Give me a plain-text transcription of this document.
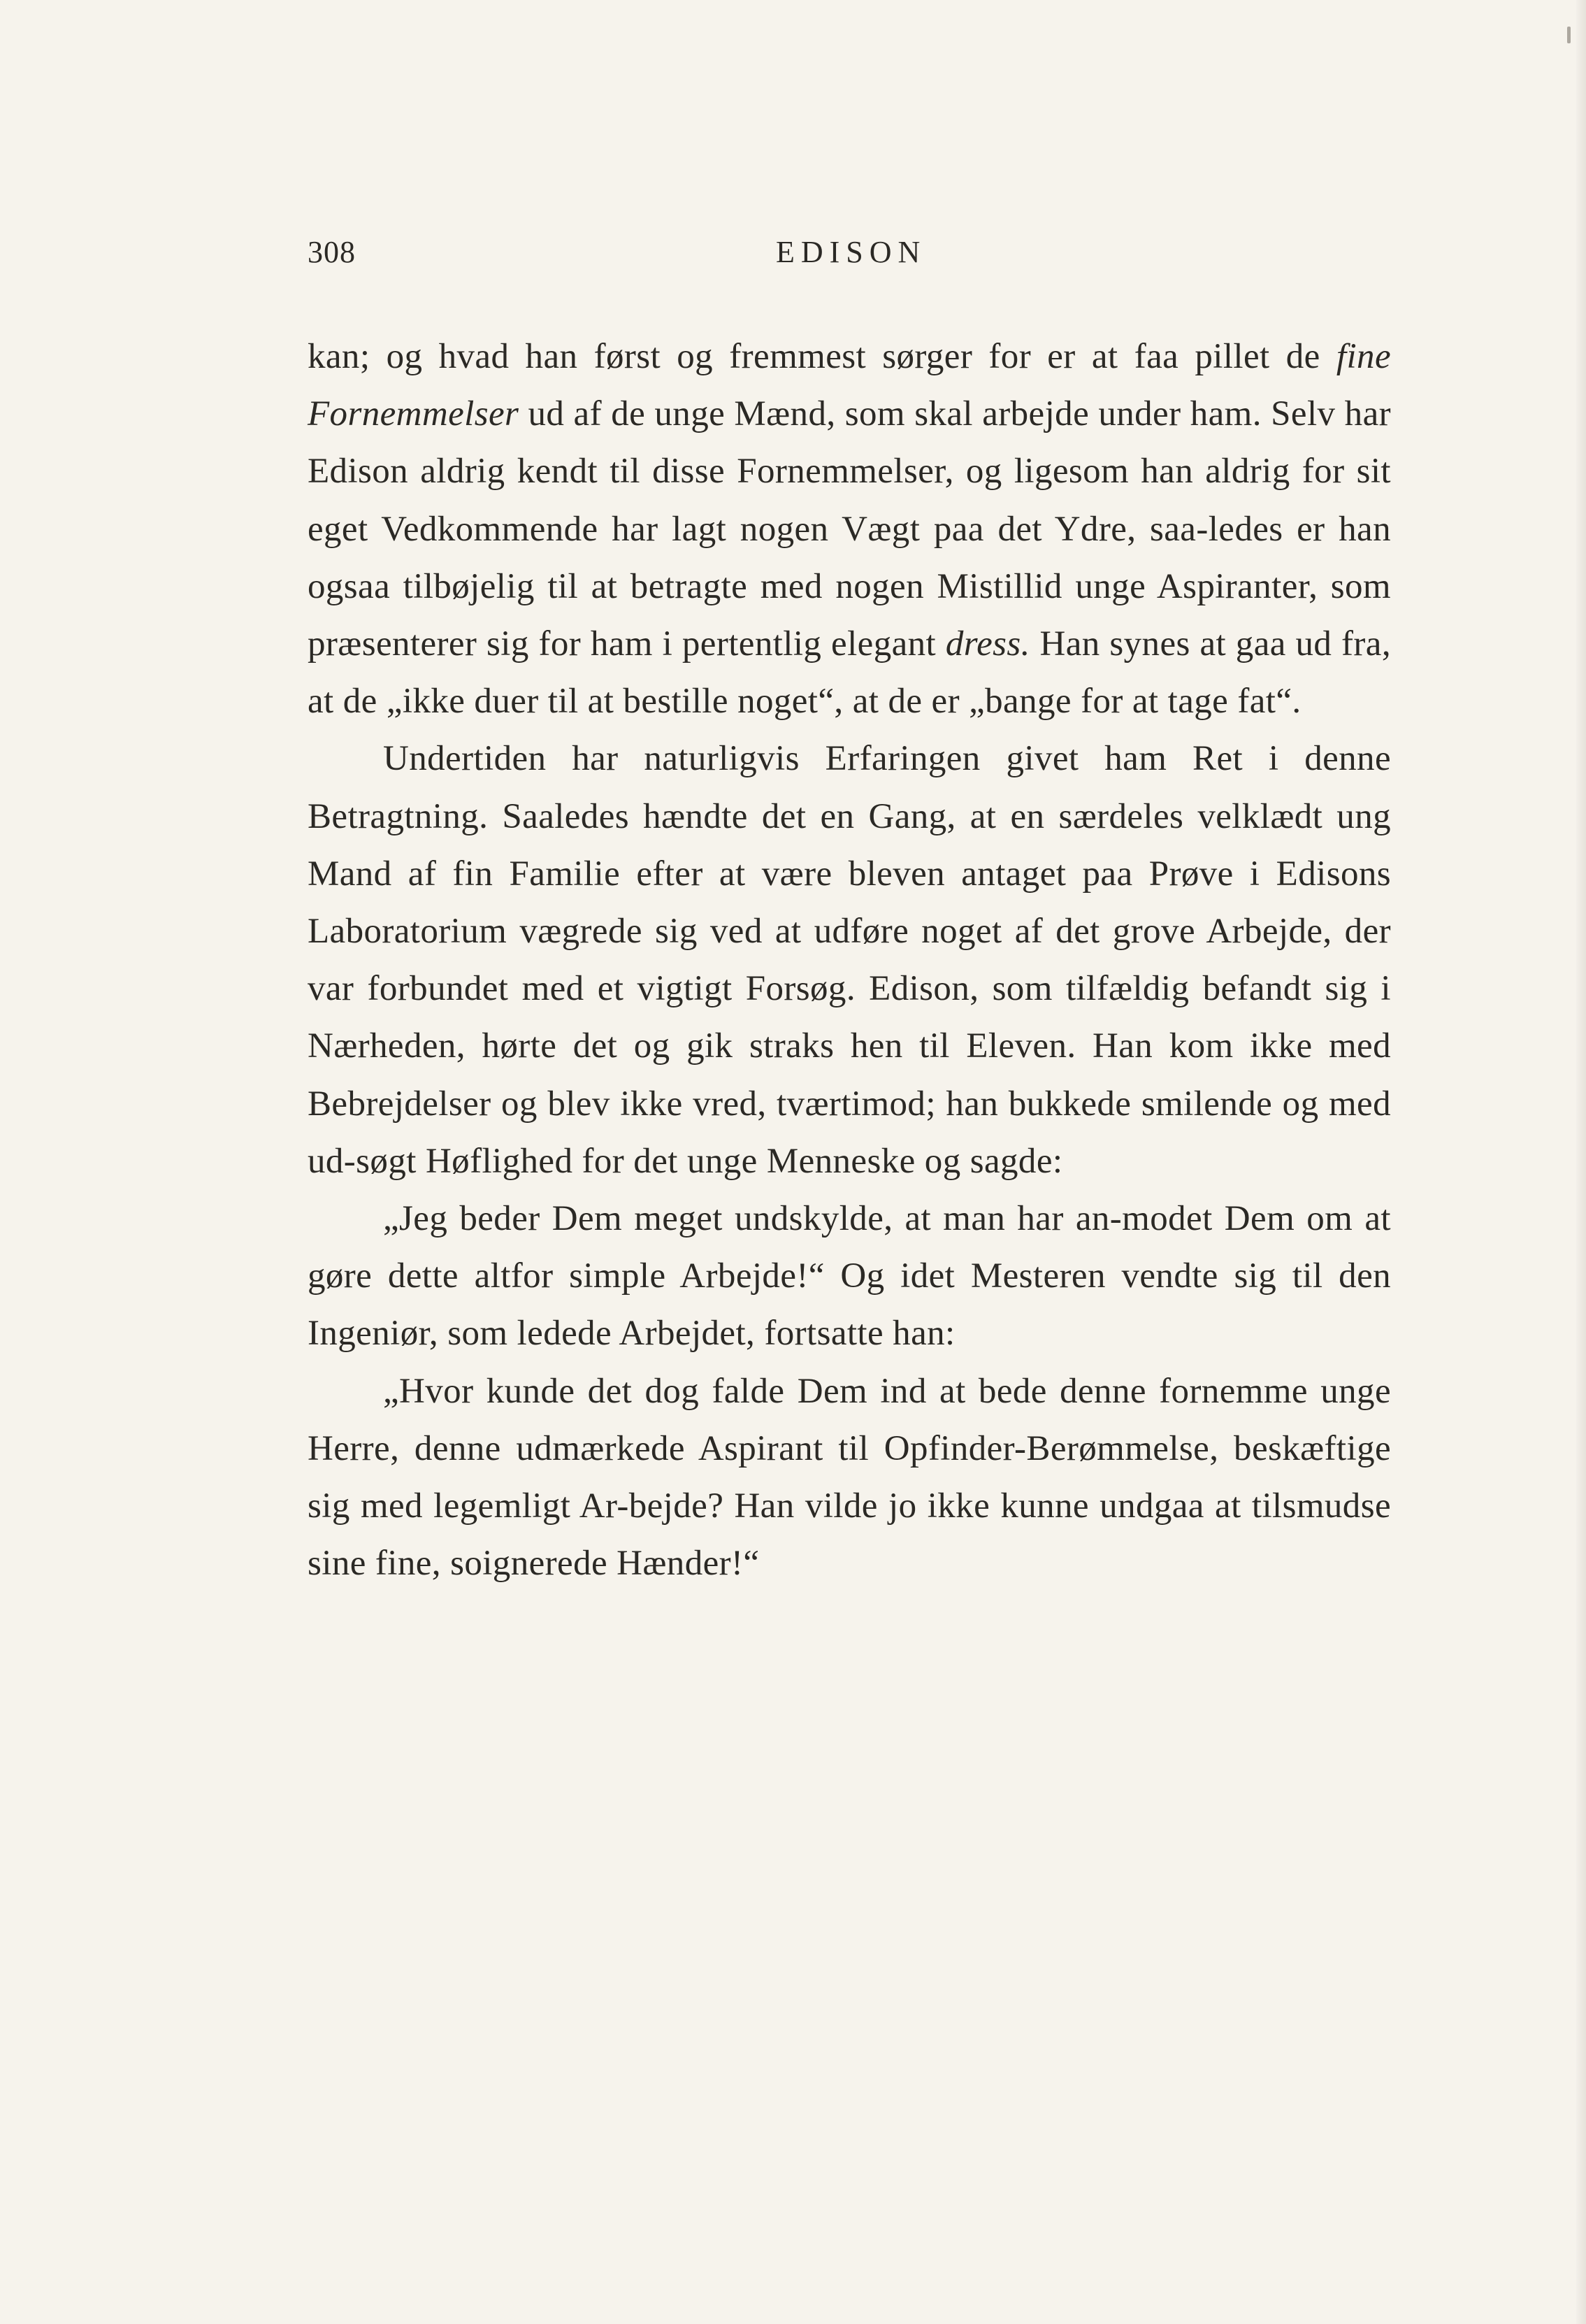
308	EDISON

kan; og hvad han først og fremmest sørger for er at faa pillet de fine Fornemmelser ud af de unge Mænd, som skal arbejde under ham. Selv har Edison aldrig kendt til disse Fornemmelser, og ligesom han aldrig for sit eget Vedkommende har lagt nogen Vægt paa det Ydre, saa-ledes er han ogsaa tilbøjelig til at betragte med nogen Mistillid unge Aspiranter, som præsenterer sig for ham i pertentlig elegant dress. Han synes at gaa ud fra, at de „ikke duer til at bestille noget“, at de er „bange for at tage fat“.

Undertiden har naturligvis Erfaringen givet ham Ret i denne Betragtning. Saaledes hændte det en Gang, at en særdeles velklædt ung Mand af fin Familie efter at være bleven antaget paa Prøve i Edisons Laboratorium vægrede sig ved at udføre noget af det grove Arbejde, der var forbundet med et vigtigt Forsøg. Edison, som tilfældig befandt sig i Nærheden, hørte det og gik straks hen til Eleven. Han kom ikke med Bebrejdelser og blev ikke vred, tværtimod; han bukkede smilende og med ud-søgt Høflighed for det unge Menneske og sagde:

„Jeg beder Dem meget undskylde, at man har an-modet Dem om at gøre dette altfor simple Arbejde!“ Og idet Mesteren vendte sig til den Ingeniør, som ledede Arbejdet, fortsatte han:

„Hvor kunde det dog falde Dem ind at bede denne fornemme unge Herre, denne udmærkede Aspirant til Opfinder-Berømmelse, beskæftige sig med legemligt Ar-bejde? Han vilde jo ikke kunne undgaa at tilsmudse sine fine, soignerede Hænder!“
